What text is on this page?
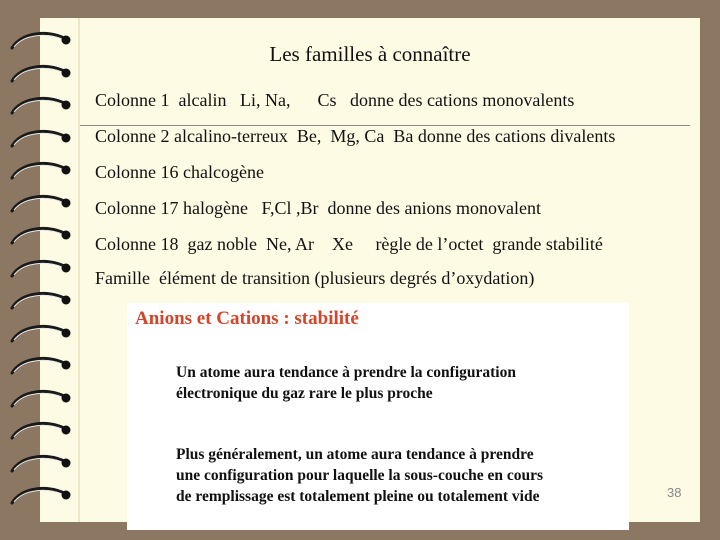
Les familles à connaître
Colonne 1  alcalin   Li, Na,      Cs   donne des cations monovalents
Colonne 2 alcalino-terreux  Be,  Mg, Ca  Ba donne des cations divalents
Colonne 16 chalcogène
Colonne 17 halogène   F,Cl ,Br  donne des anions monovalent
Colonne 18  gaz noble  Ne, Ar    Xe     règle de l’octet  grande stabilité
Famille  élément de transition (plusieurs degrés d’oxydation)
Anions et Cations : stabilité
Un atome aura tendance à prendre la configuration
électronique du gaz rare le plus proche
Plus généralement, un atome aura tendance à prendre
une configuration pour laquelle la sous-couche en cours
de remplissage est totalement pleine ou totalement vide	38
